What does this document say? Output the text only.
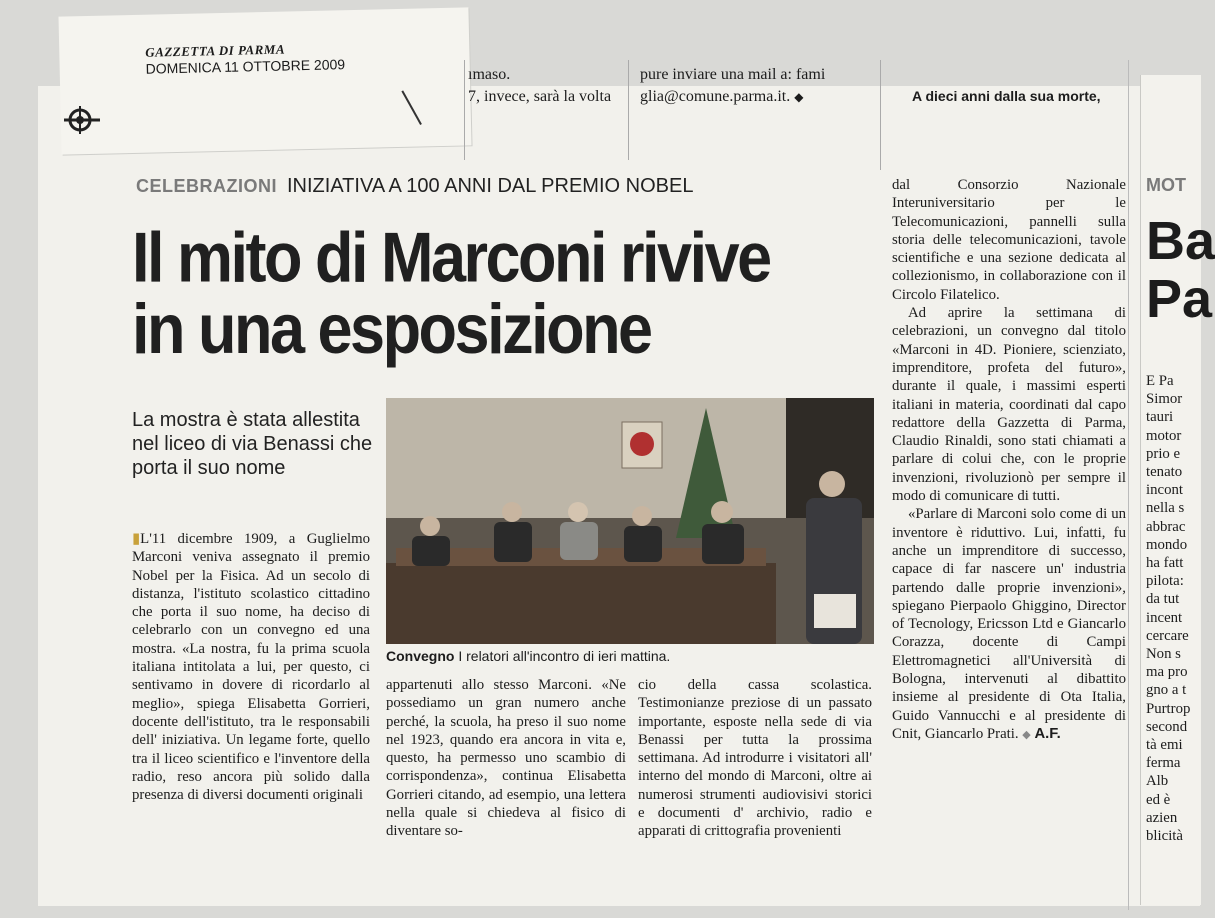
GAZZETTA DI PARMA
DOMENICA 11 OTTOBRE 2009	ımaso.
7, invece, sarà la volta
pure inviare una mail a: fami
glia@comune.parma.it. ◆	A dieci anni dalla sua morte,
CELEBRAZIONI INIZIATIVA A 100 ANNI DAL PREMIO NOBEL
Il mito di Marconi rivive
in una esposizione
La mostra è stata allestita nel liceo di via Benassi che porta il suo nome
Convegno I relatori all'incontro di ieri mattina.

▮L'11 dicembre 1909, a Guglielmo Marconi veniva assegnato il premio Nobel per la Fisica. Ad un secolo di distanza, l'istituto scolastico cittadino che porta il suo nome, ha deciso di celebrarlo con un convegno ed una mostra. «La nostra, fu la prima scuola italiana intitolata a lui, per questo, ci sentivamo in dovere di ricordarlo al meglio», spiega Elisabetta Gorrieri, docente dell'istituto, tra le responsabili dell' iniziativa. Un legame forte, quello tra il liceo scientifico e l'inventore della radio, reso ancora più solido dalla presenza di diversi documenti originali

appartenuti allo stesso Marconi. «Ne possediamo un gran numero anche perché, la scuola, ha preso il suo nome nel 1923, quando era ancora in vita e, questo, ha permesso uno scambio di corrispondenza», continua Elisabetta Gorrieri citando, ad esempio, una lettera nella quale si chiedeva al fisico di diventare so-

cio della cassa scolastica. Testimonianze preziose di un passato importante, esposte nella sede di via Benassi per tutta la prossima settimana. Ad introdurre i visitatori all' interno del mondo di Marconi, oltre ai numerosi strumenti audiovisivi storici e documenti d' archivio, radio e apparati di crittografia provenienti

dal Consorzio Nazionale Interuniversitario per le Telecomunicazioni, pannelli sulla storia delle telecomunicazioni, tavole scientifiche e una sezione dedicata al collezionismo, in collaborazione con il Circolo Filatelico.

Ad aprire la settimana di celebrazioni, un convegno dal titolo «Marconi in 4D. Pioniere, scienziato, imprenditore, profeta del futuro», durante il quale, i massimi esperti italiani in materia, coordinati dal capo redattore della Gazzetta di Parma, Claudio Rinaldi, sono stati chiamati a parlare di colui che, con le proprie invenzioni, rivoluzionò per sempre il modo di comunicare di tutti.

«Parlare di Marconi solo come di un inventore è riduttivo. Lui, infatti, fu anche un imprenditore di successo, capace di far nascere un' industria partendo dalle proprie invenzioni», spiegano Pierpaolo Ghiggino, Director of Tecnology, Ericsson Ltd e Giancarlo Corazza, docente di Campi Elettromagnetici all'Università di Bologna, intervenuti al dibattito insieme al presidente di Ota Italia, Guido Vannucchi e al presidente di Cnit, Giancarlo Prati. ◆ A.F.

MOT
Ba
Pa
E Pa
Simor
tauri
motor
prio e
tenato
incont
nella s
abbrac
mondo
ha fatt
pilota:
da tut
incent
cercare
Non s
ma pro
gno a t
Purtrop
second
tà emi
ferma
Alb
ed è
azien
blicità
